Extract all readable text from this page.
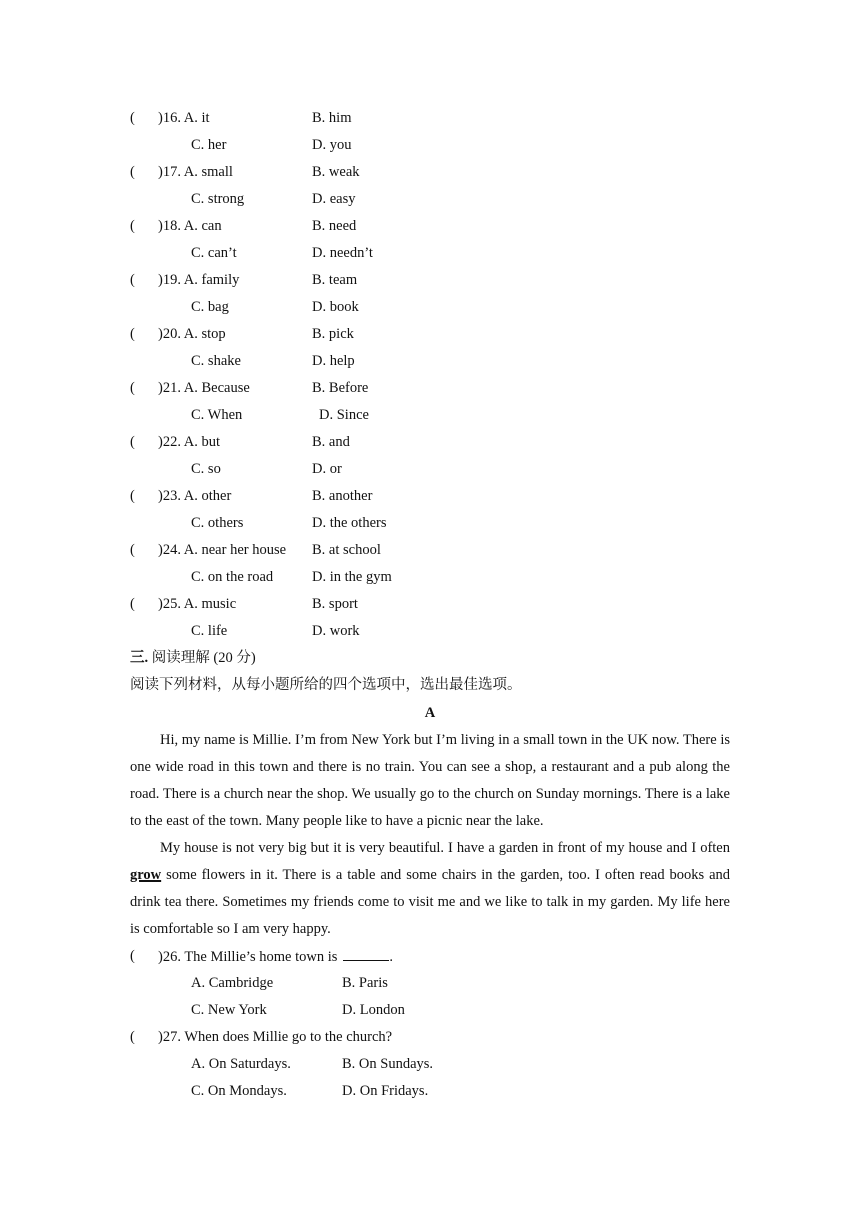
( )16. A. it	B. him
C. her	D. you
( )17. A. small	B. weak
C. strong	D. easy
( )18. A. can	B. need
C. can’t	D. needn’t
( )19. A. family	B. team
C. bag	D. book
( )20. A. stop	B. pick
C. shake	D. help
( )21. A. Because	B. Before
C. When	D. Since
( )22. A. but	B. and
C. so	D. or
( )23. A. other	B. another
C. others	D. the others
( )24. A. near her house B. at school
C. on the road	D. in the gym
( )25. A. music	B. sport
C. life	D. work
三. 阅读理解 (20 分)
阅读下列材料，从每小题所给的四个选项中，选出最佳选项。
A

Hi, my name is Millie. I’m from New York but I’m living in a small town in the UK now. There is one wide road in this town and there is no train. You can see a shop, a restaurant and a pub along the road. There is a church near the shop. We usually go to the church on Sunday mornings. There is a lake to the east of the town. Many people like to have a picnic near the lake.

My house is not very big but it is very beautiful. I have a garden in front of my house and I often grow some flowers in it. There is a table and some chairs in the garden, too. I often read books and drink tea there. Sometimes my friends come to visit me and we like to talk in my garden. My life here is comfortable so I am very happy.

( )26. The Millie’s home town is	.
A. Cambridge	B. Paris
C. New York	D. London
( )27. When does Millie go to the church?
A. On Saturdays.	B. On Sundays.
C. On Mondays.	D. On Fridays.
